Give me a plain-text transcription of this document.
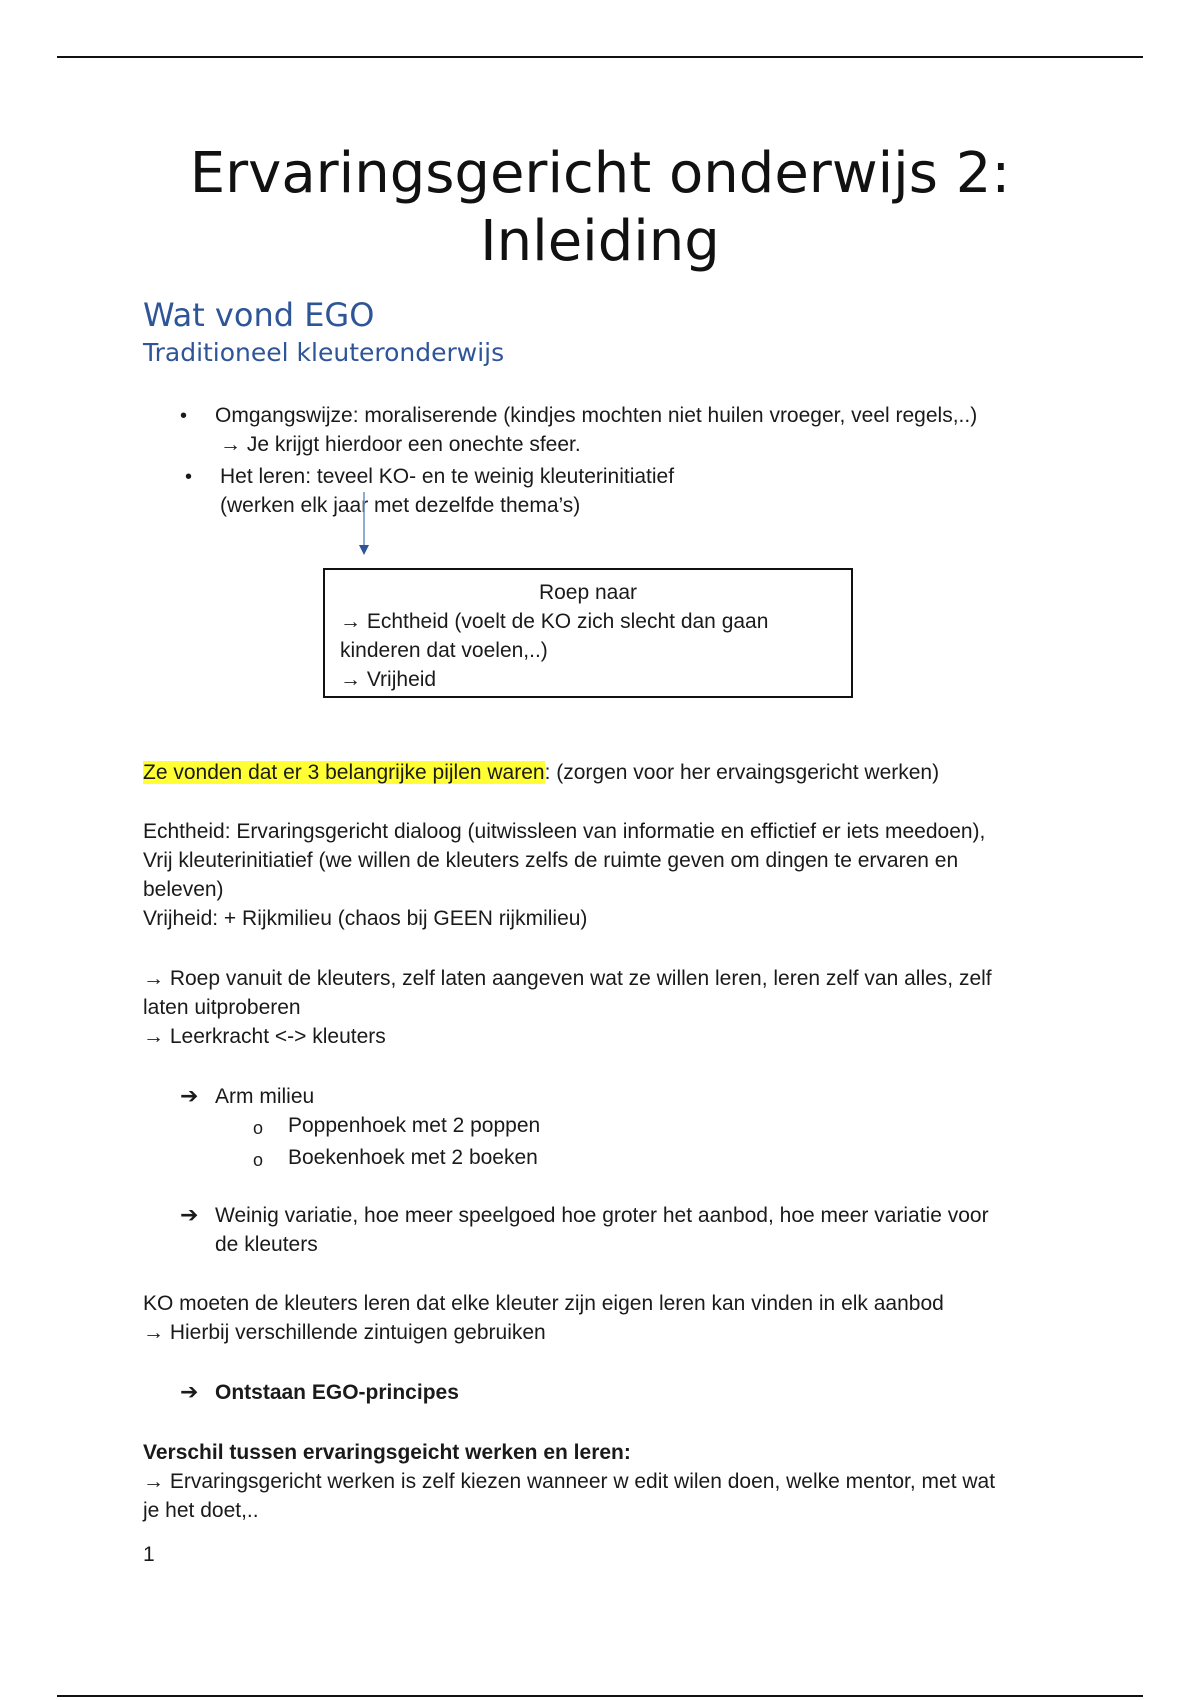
Ervaringsgericht onderwijs 2:
Inleiding
Wat vond EGO
Traditioneel kleuteronderwijs
• Omgangswijze: moraliserende (kindjes mochten niet huilen vroeger, veel regels,..)
→ Je krijgt hierdoor een onechte sfeer.
• Het leren: teveel KO- en te weinig kleuterinitiatief
(werken elk jaar met dezelfde thema’s)
Roep naar
→ Echtheid (voelt de KO zich slecht dan gaan
kinderen dat voelen,..)
→ Vrijheid
Ze vonden dat er 3 belangrijke pijlen waren: (zorgen voor her ervaingsgericht werken)
Echtheid: Ervaringsgericht dialoog (uitwissleen van informatie en effictief er iets meedoen),
Vrij kleuterinitiatief (we willen de kleuters zelfs de ruimte geven om dingen te ervaren en
beleven)
Vrijheid: + Rijkmilieu (chaos bij GEEN rijkmilieu)
→ Roep vanuit de kleuters, zelf laten aangeven wat ze willen leren, leren zelf van alles, zelf
laten uitproberen
→ Leerkracht <-> kleuters
➔ Arm milieu
o Poppenhoek met 2 poppen
o Boekenhoek met 2 boeken
➔ Weinig variatie, hoe meer speelgoed hoe groter het aanbod, hoe meer variatie voor
de kleuters
KO moeten de kleuters leren dat elke kleuter zijn eigen leren kan vinden in elk aanbod
→ Hierbij verschillende zintuigen gebruiken
➔ Ontstaan EGO-principes
Verschil tussen ervaringsgeicht werken en leren:
→ Ervaringsgericht werken is zelf kiezen wanneer w edit wilen doen, welke mentor, met wat
je het doet,..
1
